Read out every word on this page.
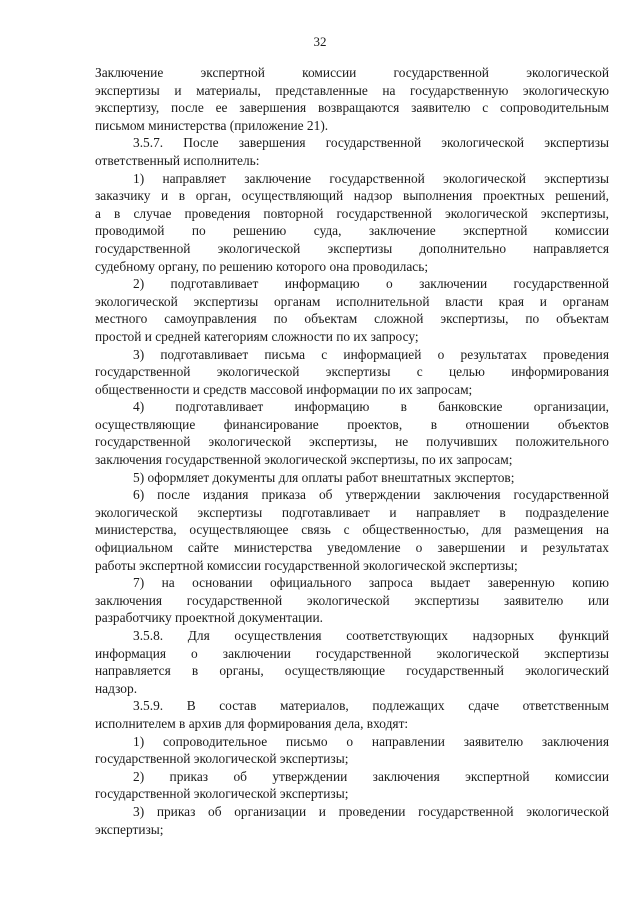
32
Заключение экспертной комиссии государственной экологической
экспертизы и материалы, представленные на государственную экологическую
экспертизу, после ее завершения возвращаются заявителю с сопроводительным
письмом министерства (приложение 21).
3.5.7. После завершения государственной экологической экспертизы
ответственный исполнитель:
1) направляет заключение государственной экологической экспертизы
заказчику и в орган, осуществляющий надзор выполнения проектных решений,
а в случае проведения повторной государственной экологической экспертизы,
проводимой по решению суда, заключение экспертной комиссии
государственной экологической экспертизы дополнительно направляется
судебному органу, по решению которого она проводилась;
2) подготавливает информацию о заключении государственной
экологической экспертизы органам исполнительной власти края и органам
местного самоуправления по объектам сложной экспертизы, по объектам
простой и средней категориям сложности по их запросу;
3) подготавливает письма с информацией о результатах проведения
государственной экологической экспертизы с целью информирования
общественности и средств массовой информации по их запросам;
4) подготавливает информацию в банковские организации,
осуществляющие финансирование проектов, в отношении объектов
государственной экологической экспертизы, не получивших положительного
заключения государственной экологической экспертизы, по их запросам;
5) оформляет документы для оплаты работ внештатных экспертов;
6) после издания приказа об утверждении заключения государственной
экологической экспертизы подготавливает и направляет в подразделение
министерства, осуществляющее связь с общественностью, для размещения на
официальном сайте министерства уведомление о завершении и результатах
работы экспертной комиссии государственной экологической экспертизы;
7) на основании официального запроса выдает заверенную копию
заключения государственной экологической экспертизы заявителю или
разработчику проектной документации.
3.5.8. Для осуществления соответствующих надзорных функций
информация о заключении государственной экологической экспертизы
направляется в органы, осуществляющие государственный экологический
надзор.
3.5.9. В состав материалов, подлежащих сдаче ответственным
исполнителем в архив для формирования дела, входят:
1) сопроводительное письмо о направлении заявителю заключения
государственной экологической экспертизы;
2) приказ об утверждении заключения экспертной комиссии
государственной экологической экспертизы;
3) приказ об организации и проведении государственной экологической
экспертизы;
